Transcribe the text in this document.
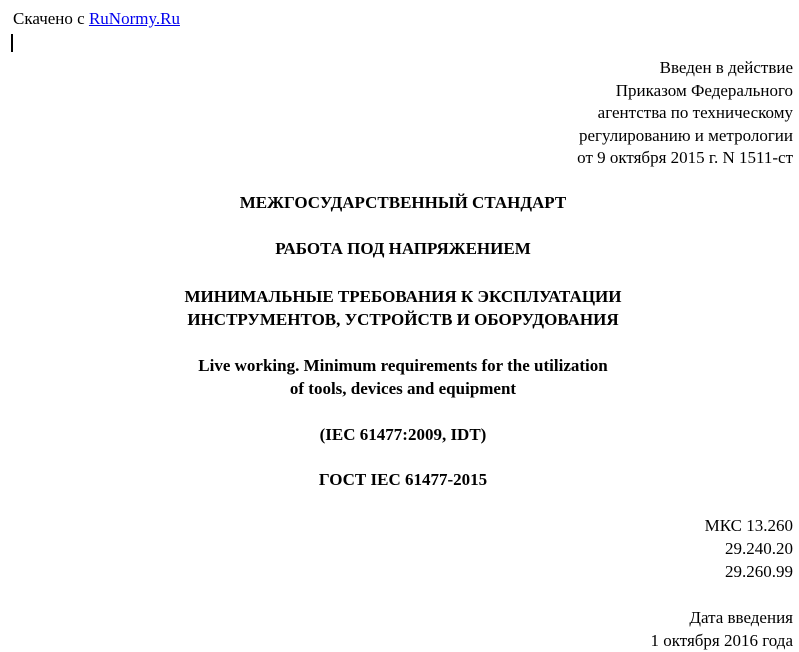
Скачено с RuNormy.Ru
Введен в действие
Приказом Федерального
агентства по техническому
регулированию и метрологии
от 9 октября 2015 г. N 1511-ст
МЕЖГОСУДАРСТВЕННЫЙ СТАНДАРТ
РАБОТА ПОД НАПРЯЖЕНИЕМ
МИНИМАЛЬНЫЕ ТРЕБОВАНИЯ К ЭКСПЛУАТАЦИИ
ИНСТРУМЕНТОВ, УСТРОЙСТВ И ОБОРУДОВАНИЯ
Live working. Minimum requirements for the utilization
of tools, devices and equipment
(IEC 61477:2009, IDT)
ГОСТ IEC 61477-2015
МКС 13.260
29.240.20
29.260.99
Дата введения
1 октября 2016 года
